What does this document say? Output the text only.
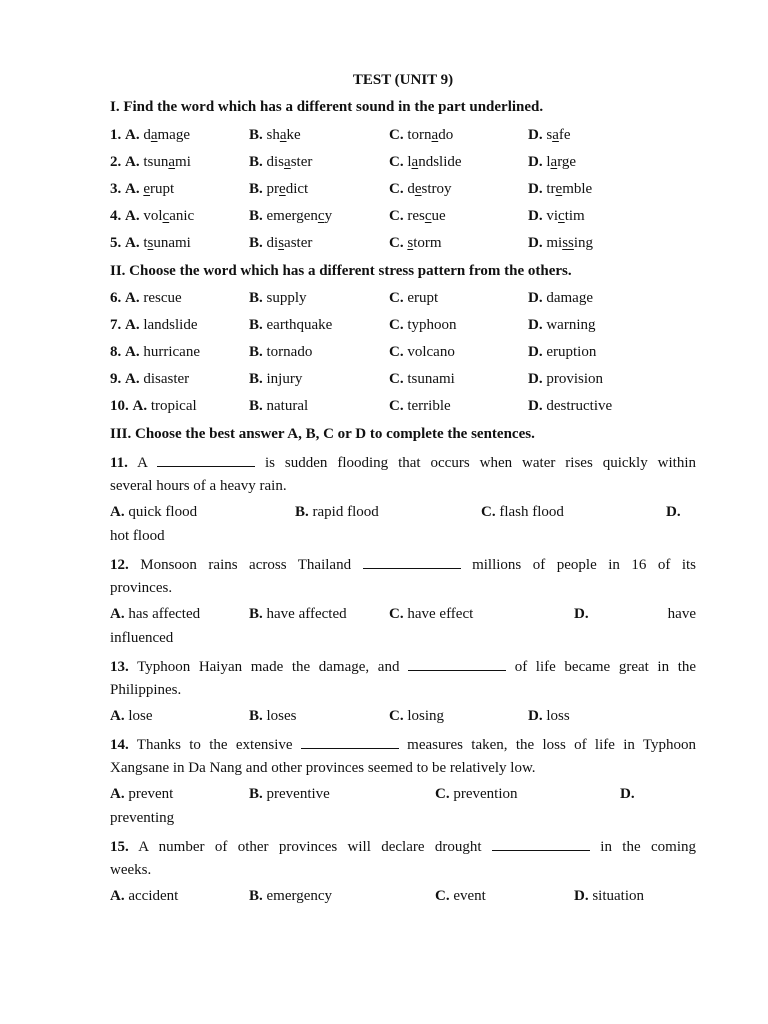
TEST (UNIT 9)
I. Find the word which has a different sound in the part underlined.
1. A. damage	B. shake	C. tornado	D. safe
2. A. tsunami	B. disaster	C. landslide	D. large
3. A. erupt	B. predict	C. destroy	D. tremble
4. A. volcanic	B. emergency	C. rescue	D. victim
5. A. tsunami	B. disaster	C. storm	D. missing
II. Choose the word which has a different stress pattern from the others.
6. A. rescue	B. supply	C. erupt	D. damage
7. A. landslide	B. earthquake	C. typhoon	D. warning
8. A. hurricane	B. tornado	C. volcano	D. eruption
9. A. disaster	B. injury	C. tsunami	D. provision
10. A. tropical	B. natural	C. terrible	D. destructive
III. Choose the best answer A, B, C or D to complete the sentences.
11. A	is sudden flooding that occurs when water rises quickly within
several hours of a heavy rain.
A. quick flood	B. rapid flood	C. flash flood	D.
hot flood
12. Monsoon rains across Thailand	millions of people in 16 of its
provinces.
A. has affected	B. have affected	C. have effect	D.	have
influenced
13. Typhoon Haiyan made the damage, and	of life became great in the
Philippines.
A. lose	B. loses	C. losing	D. loss
14. Thanks to the extensive	measures taken, the loss of life in Typhoon
Xangsane in Da Nang and other provinces seemed to be relatively low.
A. prevent	B. preventive	C. prevention	D.
preventing
15. A number of other provinces will declare drought	in the coming
weeks.
A. accident	B. emergency	C. event	D. situation
